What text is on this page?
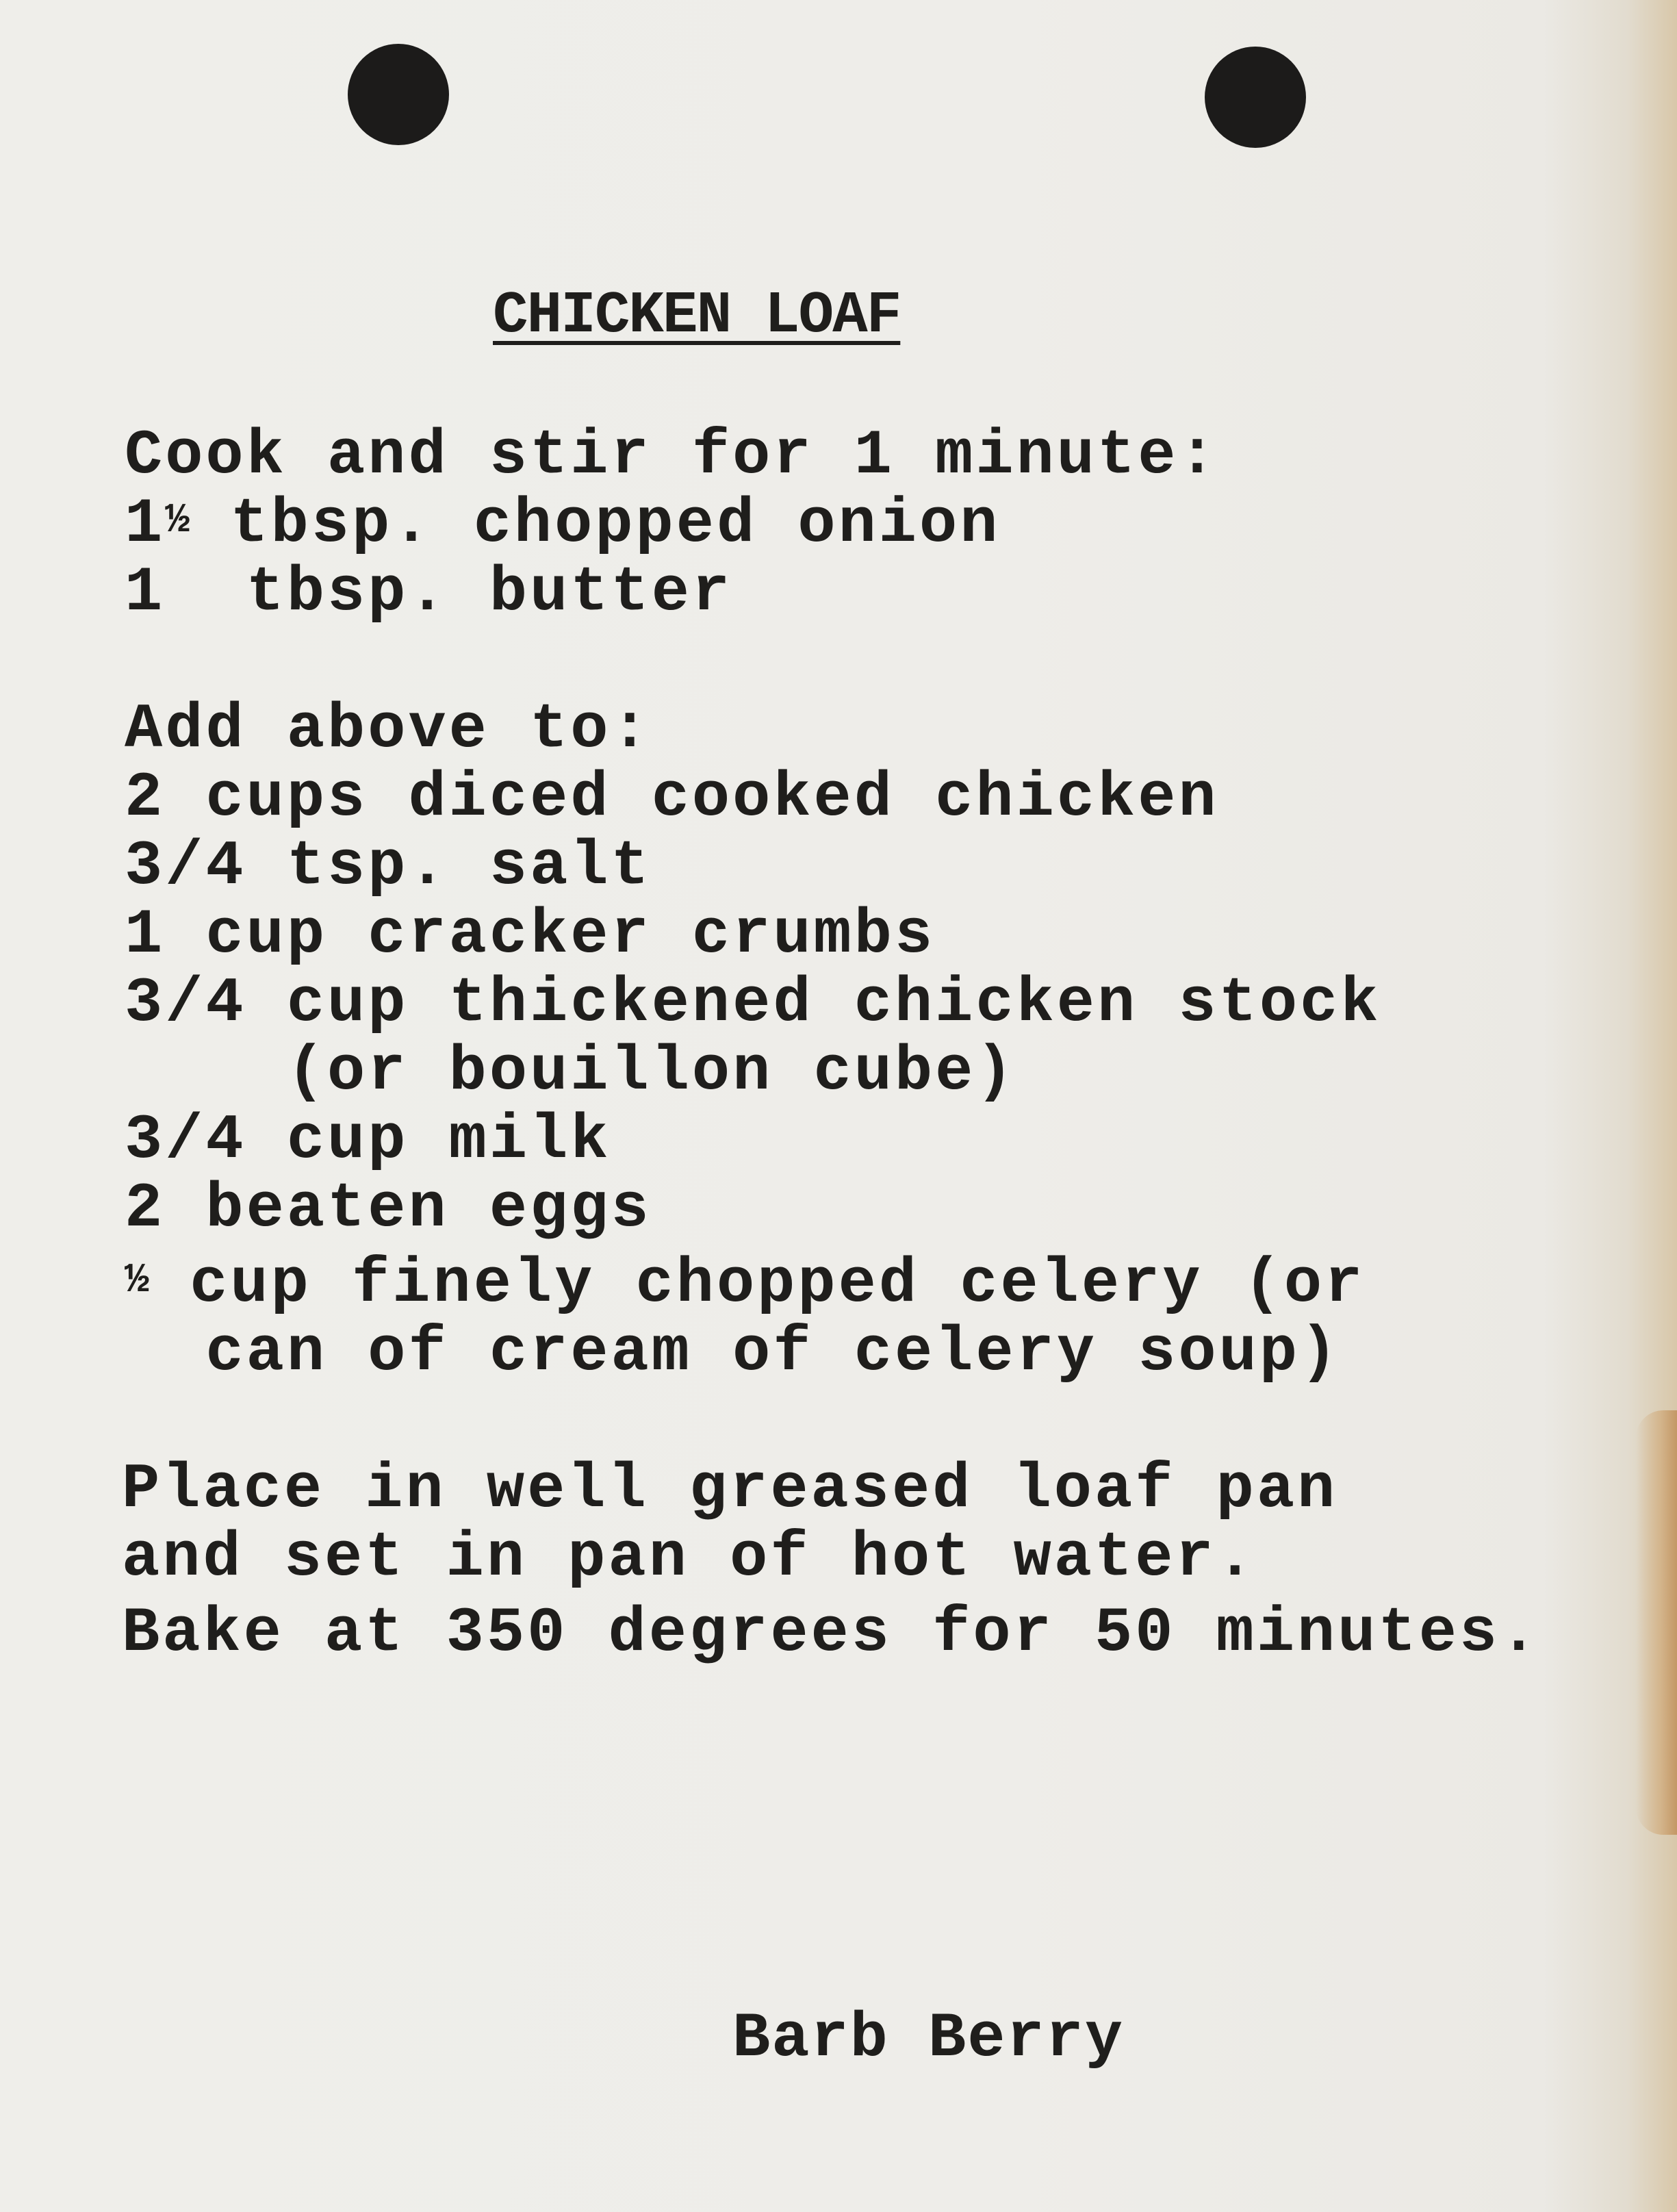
CHICKEN LOAF
Cook and stir for 1 minute:
1½ tbsp. chopped onion
1  tbsp. butter
Add above to:
2 cups diced cooked chicken
3/4 tsp. salt
1 cup cracker crumbs
3/4 cup thickened chicken stock
(or bouillon cube)
3/4 cup milk
2 beaten eggs
½ cup finely chopped celery (or
can of cream of celery soup)
Place in well greased loaf pan
and set in pan of hot water.
Bake at 350 degrees for 50 minutes.
Barb Berry
